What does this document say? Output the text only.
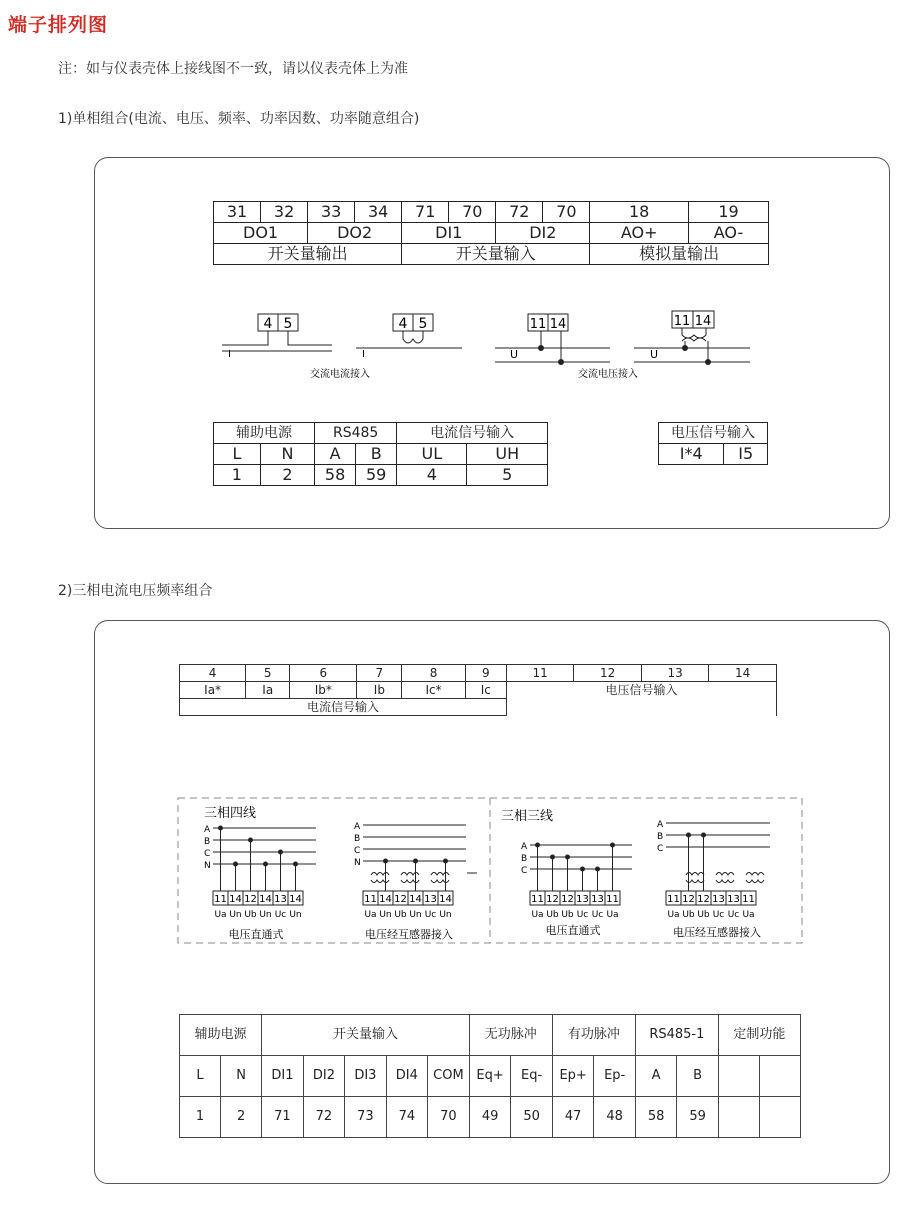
端子排列图
注：如与仪表壳体上接线图不一致，请以仪表壳体上为准
1)单相组合(电流、电压、频率、功率因数、功率随意组合)
31	32	33	34	71	70	72	70	18	19
DO1		DO2		DI1		DI2		AO+	AO-
开关量输出				开关量输入				模拟量输出	
4 5
I
4 5
I
交流电流接入
11 14
U
11 14
U
交流电压接入
辅助电源		RS485		电流信号输入	
L	N	A	B	UL	UH
1	2	58	59	4	5
电压信号输入
I*4	I5
2)三相电流电压频率组合
4	5	6	7	8	9	11	12	13	14
Ia*	Ia	Ib*	Ib	Ic*	Ic	电压信号输入			
电流信号输入									
三相四线	三相三线
A
B
C
N
11
Ua
14
Un
12
Ub
14
Un
13
Uc
14
Un
A
B
C
N
11
Ua
14
Un
12
Ub
14
Un
13
Uc
14
Un
A
B
C
11
Ua
12
Ub
12
Ub
13
Uc
13
Uc
11
Ua
A
B
C
11
Ua
12
Ub
12
Ub
13
Uc
13
Uc
11
Ua
电压直通式	电压经互感器接入	电压直通式	电压经互感器接入
辅助电源		开关量输入					无功脉冲		有功脉冲		RS485-1		定制功能	
L	N	DI1	DI2	DI3	DI4	COM	Eq+	Eq-	Ep+	Ep-	A	B		
1	2	71	72	73	74	70	49	50	47	48	58	59		
